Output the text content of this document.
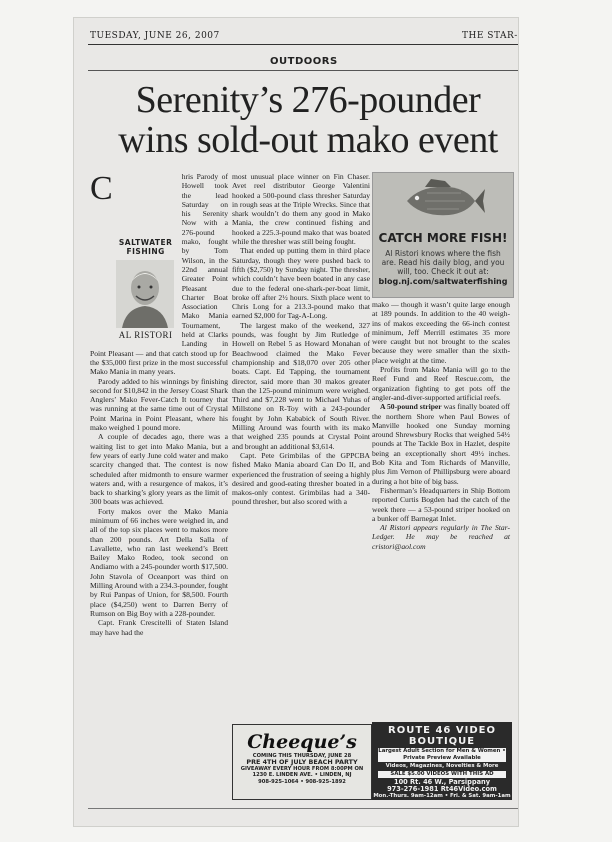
TUESDAY, JUNE 26, 2007	THE STAR-
OUTDOORS
Serenity’s 276-pounder wins sold-out mako event

C
SALTWATER
FISHING
AL RISTORI
hris Parody of Howell took the lead Saturday on his Serenity Now with a 276-pound mako, fought by Tom Wilson, in the 22nd annual Greater Point Pleasant Charter Boat Association Mako Mania Tournament, held at Clarks Landing in Point Pleasant — and that catch stood up for the $35,000 first prize in the most successful Mako Mania in many years.

Parody added to his winnings by finishing second for $10,842 in the Jersey Coast Shark Anglers’ Mako Fever-Catch It tourney that was running at the same time out of Crystal Point Marina in Point Pleasant, where his mako weighed 1 pound more.

A couple of decades ago, there was a waiting list to get into Mako Mania, but a few years of early June cold water and mako scarcity changed that. The contest is now scheduled after midmonth to ensure warmer waters and, with a resurgence of makos, it’s back to sharking’s glory years as the limit of 300 boats was achieved.

Forty makos over the Mako Mania minimum of 66 inches were weighed in, and all of the top six places went to makos more than 200 pounds. Art Della Salla of Lavallette, who ran last weekend’s Brett Bailey Mako Rodeo, took second on Andiamo with a 245-pounder worth $17,500. John Stavola of Oceanport was third on Milling Around with a 234.3-pounder, fought by Rui Panpas of Union, for $8,500. Fourth place ($4,250) went to Darren Berry of Rumson on Big Boy with a 228-pounder.

Capt. Frank Crescitelli of Staten Island may have had the

most unusual place winner on Fin Chaser. Avet reel distributor George Valentini hooked a 500-pound class thresher Saturday in rough seas at the Triple Wrecks. Since that shark wouldn’t do them any good in Mako Mania, the crew continued fishing and hooked a 225.3-pound mako that was boated while the thresher was still being fought.

That ended up putting them in third place Saturday, though they were pushed back to fifth ($2,750) by Sunday night. The thresher, which couldn’t have been boated in any case due to the federal one-shark-per-boat limit, broke off after 2½ hours. Sixth place went to Chris Long for a 213.3-pound mako that earned $2,000 for Tag-A-Long.

The largest mako of the weekend, 327 pounds, was fought by Jim Rutledge of Howell on Rebel 5 as Howard Monahan of Beachwood claimed the Mako Fever championship and $18,070 over 205 other boats. Capt. Ed Tapping, the tournament director, said more than 30 makos greater than the 125-pound minimum were weighed. Third and $7,228 went to Michael Yuhas of Millstone on R-Toy with a 243-pounder fought by John Kababick of South River. Milling Around was fourth with its mako that weighed 235 pounds at Crystal Point and brought an additional $3,614.

Capt. Pete Grimbilas of the GPPCBA fished Mako Mania aboard Can Do II, and experienced the frustration of seeing a highly desired and good-eating thresher boated in a makos-only contest. Grimbilas had a 340-pound thresher, but also scored with a

CATCH MORE FISH!
Al Ristori knows where the fish are. Read his daily blog, and you will, too. Check it out at:
blog.nj.com/saltwaterfishing

mako — though it wasn’t quite large enough at 189 pounds. In addition to the 40 weigh-ins of makos exceeding the 66-inch contest minimum, Jeff Merrill estimates 35 more were caught but not brought to the scales because they were smaller than the sixth-place weight at the time.

Profits from Mako Mania will go to the Reef Fund and Reef Rescue.com, the organization fighting to get pots off the angler-and-diver-supported artificial reefs.

A 50-pound striper was finally boated off the northern Shore when Paul Bowes of Manville hooked one Sunday morning around Shrewsbury Rocks that weighed 54½ pounds at The Tackle Box in Hazlet, despite being an exceptionally short 49½ inches. Bob Kita and Tom Richards of Manville, plus Jim Vernon of Phillipsburg were aboard during a hot bite of big bass.

Fisherman’s Headquarters in Ship Bottom reported Curtis Bogden had the catch of the week there — a 53-pound striper hooked on a bunker off Barnegat Inlet.

Al Ristori appears regularly in The Star-Ledger. He may be reached at cristori@aol.com

Cheeque’s
COMING THIS THURSDAY, JUNE 28
PRE 4TH OF JULY BEACH PARTY
GIVEAWAY EVERY HOUR FROM 8:00PM ON
1230 E. LINDEN AVE. • LINDEN, NJ
908-925-1064 • 908-925-1892
ROUTE 46 VIDEO
BOUTIQUE
Largest Adult Section for Men & Women • Private Preview Available
Videos, Magazines, Novelties & More
SALE $5.00 VIDEOS WITH THIS AD
100 Rt. 46 W., Parsippany
973-276-1981 Rt46Video.com
Mon.-Thurs. 9am-12am • Fri. & Sat. 9am-1am
